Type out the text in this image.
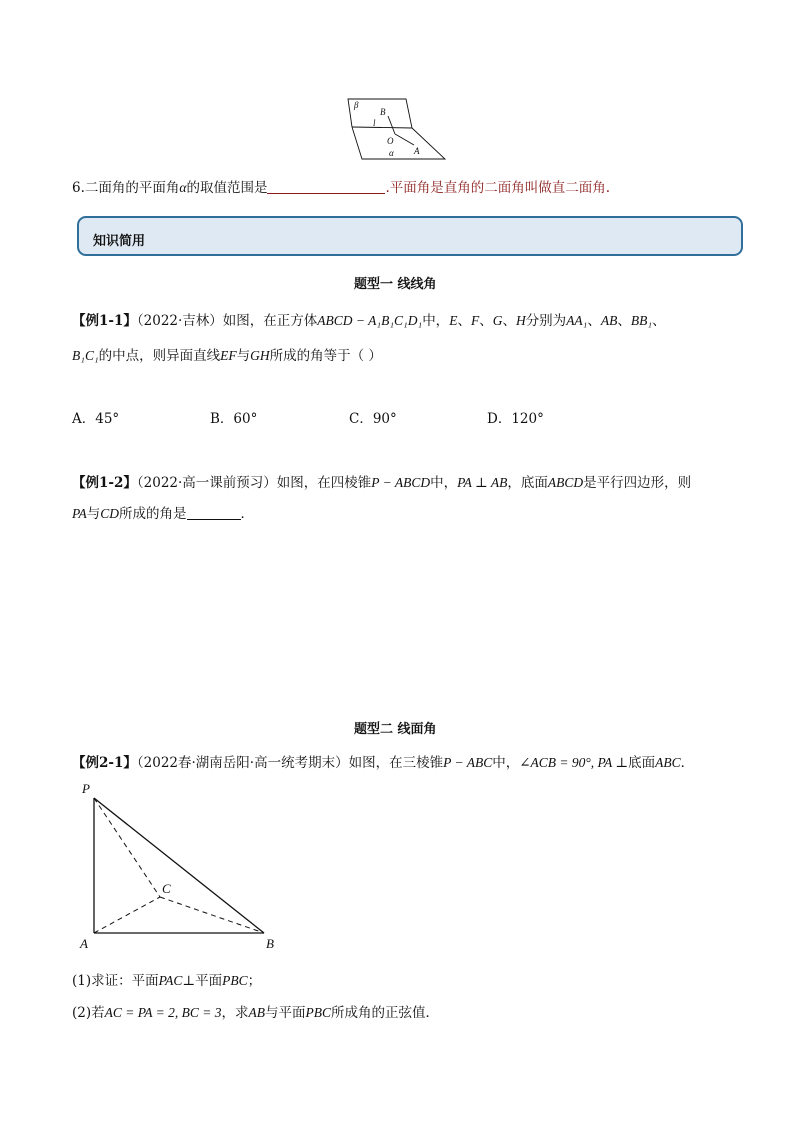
β
B
l
O
α A
6.二面角的平面角α的取值范围是	.平面角是直角的二面角叫做直二面角.
知识简用
题型一 线线角
【例1-1】（2022·吉林）如图，在正方体ABCD − A₁B₁C₁D₁中，E、F、G、H分别为AA₁、AB、BB₁、
B₁C₁的中点，则异面直线EF与GH所成的角等于（ ）
A．45°	B．60°	C．90°	D．120°
【例1-2】（2022·高一课前预习）如图，在四棱锥P − ABCD中，PA ⊥ AB，底面ABCD是平行四边形，则
PA与CD所成的角是	．
题型二 线面角
【例2-1】（2022春·湖南岳阳·高一统考期末）如图，在三棱锥P − ABC中，∠ACB = 90°, PA ⊥底面ABC．
P
C
A	B
(1)求证：平面PAC⊥平面PBC；
(2)若AC = PA = 2, BC = 3，求AB与平面PBC所成角的正弦值．
